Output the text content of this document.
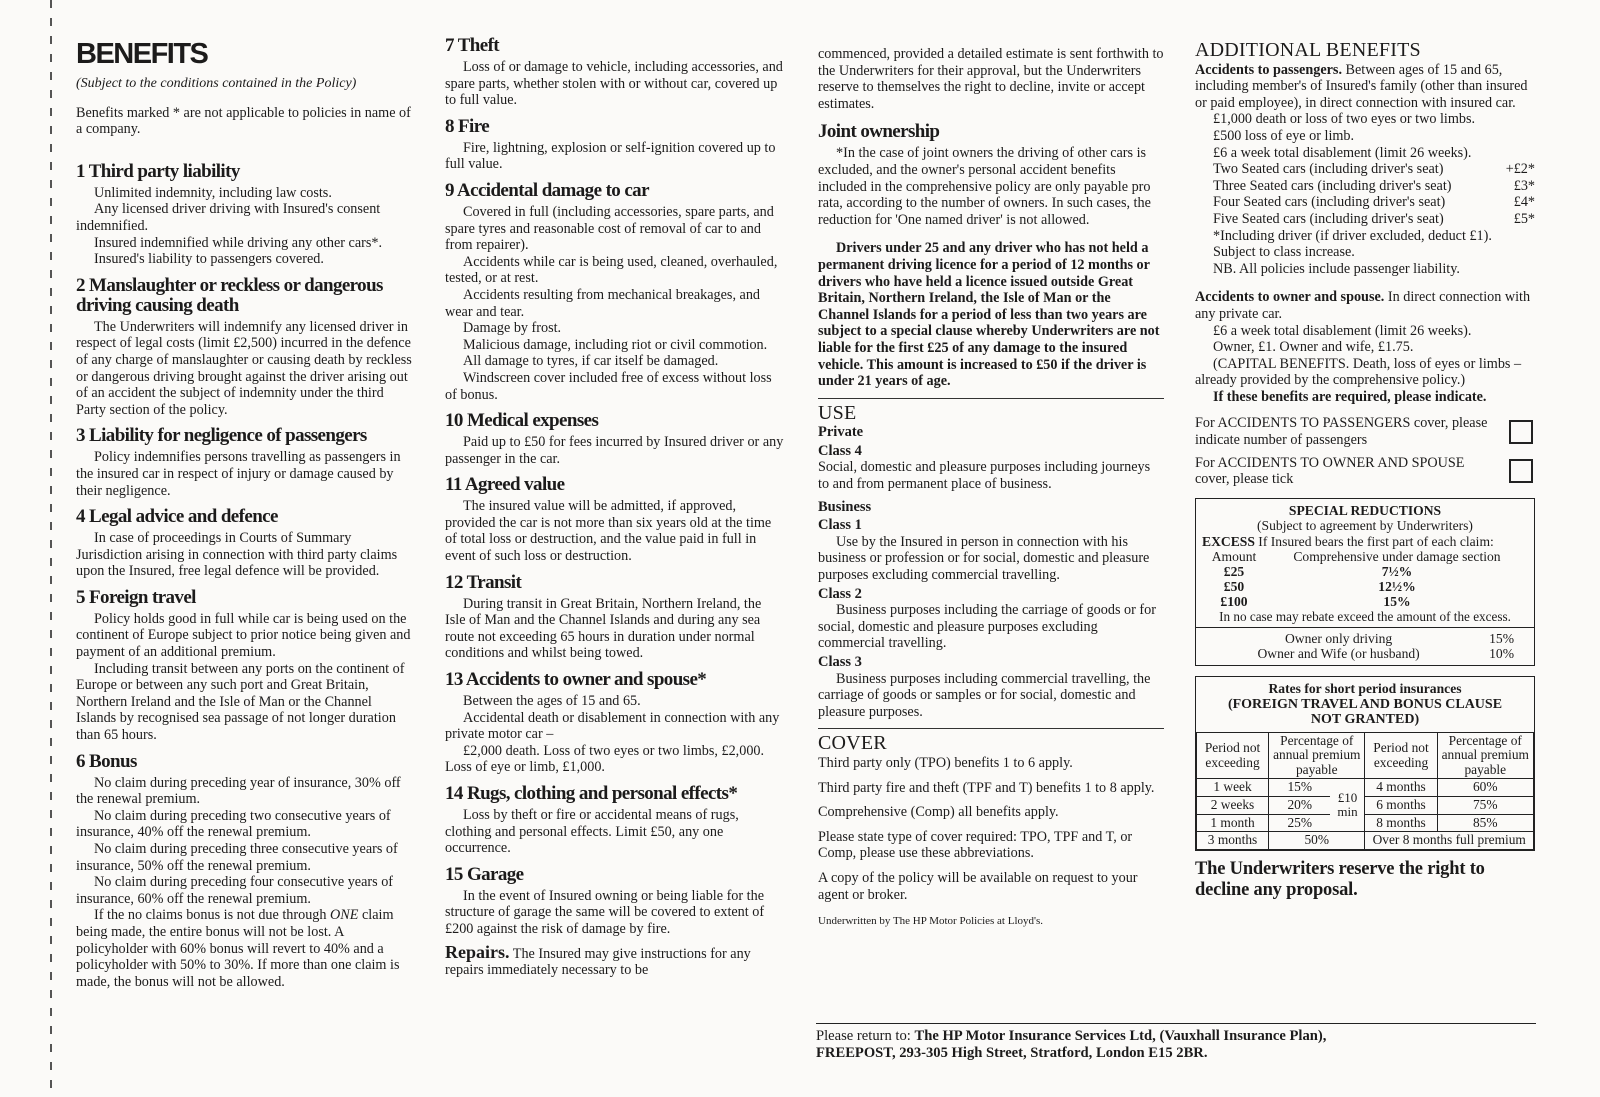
BENEFITS

(Subject to the conditions contained in the Policy)

Benefits marked * are not applicable to policies in name of a company.

1 Third party liability

Unlimited indemnity, including law costs.

Any licensed driver driving with Insured's consent indemnified.

Insured indemnified while driving any other cars*.

Insured's liability to passengers covered.

2 Manslaughter or reckless or dangerous driving causing death

The Underwriters will indemnify any licensed driver in respect of legal costs (limit £2,500) incurred in the defence of any charge of manslaughter or causing death by reckless or dangerous driving brought against the driver arising out of an accident the subject of indemnity under the third Party section of the policy.

3 Liability for negligence of passengers

Policy indemnifies persons travelling as passengers in the insured car in respect of injury or damage caused by their negligence.

4 Legal advice and defence

In case of proceedings in Courts of Summary Jurisdiction arising in connection with third party claims upon the Insured, free legal defence will be provided.

5 Foreign travel

Policy holds good in full while car is being used on the continent of Europe subject to prior notice being given and payment of an additional premium.

Including transit between any ports on the continent of Europe or between any such port and Great Britain, Northern Ireland and the Isle of Man or the Channel Islands by recognised sea passage of not longer duration than 65 hours.

6 Bonus

No claim during preceding year of insurance, 30% off the renewal premium.

No claim during preceding two consecutive years of insurance, 40% off the renewal premium.

No claim during preceding three consecutive years of insurance, 50% off the renewal premium.

No claim during preceding four consecutive years of insurance, 60% off the renewal premium.

If the no claims bonus is not due through ONE claim being made, the entire bonus will not be lost. A policyholder with 60% bonus will revert to 40% and a policyholder with 50% to 30%. If more than one claim is made, the bonus will not be allowed.

7 Theft

Loss of or damage to vehicle, including accessories, and spare parts, whether stolen with or without car, covered up to full value.

8 Fire

Fire, lightning, explosion or self-ignition covered up to full value.

9 Accidental damage to car

Covered in full (including accessories, spare parts, and spare tyres and reasonable cost of removal of car to and from repairer).

Accidents while car is being used, cleaned, overhauled, tested, or at rest.

Accidents resulting from mechanical breakages, and wear and tear.

Damage by frost.

Malicious damage, including riot or civil commotion.

All damage to tyres, if car itself be damaged.

Windscreen cover included free of excess without loss of bonus.

10 Medical expenses

Paid up to £50 for fees incurred by Insured driver or any passenger in the car.

11 Agreed value

The insured value will be admitted, if approved, provided the car is not more than six years old at the time of total loss or destruction, and the value paid in full in event of such loss or destruction.

12 Transit

During transit in Great Britain, Northern Ireland, the Isle of Man and the Channel Islands and during any sea route not exceeding 65 hours in duration under normal conditions and whilst being towed.

13 Accidents to owner and spouse*

Between the ages of 15 and 65.

Accidental death or disablement in connection with any private motor car –

£2,000 death. Loss of two eyes or two limbs, £2,000. Loss of eye or limb, £1,000.

14 Rugs, clothing and personal effects*

Loss by theft or fire or accidental means of rugs, clothing and personal effects. Limit £50, any one occurrence.

15 Garage

In the event of Insured owning or being liable for the structure of garage the same will be covered to extent of £200 against the risk of damage by fire.

Repairs. The Insured may give instructions for any repairs immediately necessary to be

commenced, provided a detailed estimate is sent forthwith to the Underwriters for their approval, but the Underwriters reserve to themselves the right to decline, invite or accept estimates.

Joint ownership

*In the case of joint owners the driving of other cars is excluded, and the owner's personal accident benefits included in the comprehensive policy are only payable pro rata, according to the number of owners. In such cases, the reduction for 'One named driver' is not allowed.

Drivers under 25 and any driver who has not held a permanent driving licence for a period of 12 months or drivers who have held a licence issued outside Great Britain, Northern Ireland, the Isle of Man or the Channel Islands for a period of less than two years are subject to a special clause whereby Underwriters are not liable for the first £25 of any damage to the insured vehicle. This amount is increased to £50 if the driver is under 21 years of age.

USE

Private

Class 4

Social, domestic and pleasure purposes including journeys to and from permanent place of business.

Business

Class 1

Use by the Insured in person in connection with his business or profession or for social, domestic and pleasure purposes excluding commercial travelling.

Class 2

Business purposes including the carriage of goods or for social, domestic and pleasure purposes excluding commercial travelling.

Class 3

Business purposes including commercial travelling, the carriage of goods or samples or for social, domestic and pleasure purposes.

COVER

Third party only (TPO) benefits 1 to 6 apply.

Third party fire and theft (TPF and T) benefits 1 to 8 apply.

Comprehensive (Comp) all benefits apply.

Please state type of cover required: TPO, TPF and T, or Comp, please use these abbreviations.

A copy of the policy will be available on request to your agent or broker.

Underwritten by The HP Motor Policies at Lloyd's.

ADDITIONAL BENEFITS

Accidents to passengers. Between ages of 15 and 65, including member's of Insured's family (other than insured or paid employee), in direct connection with insured car.

£1,000 death or loss of two eyes or two limbs.

£500 loss of eye or limb.

£6 a week total disablement (limit 26 weeks).

Two Seated cars (including driver's seat)	+£2*
Three Seated cars (including driver's seat)	£3*
Four Seated cars (including driver's seat)	£4*
Five Seated cars (including driver's seat)	£5*

*Including driver (if driver excluded, deduct £1).

Subject to class increase.

NB. All policies include passenger liability.

Accidents to owner and spouse. In direct connection with any private car.

£6 a week total disablement (limit 26 weeks).

Owner, £1. Owner and wife, £1.75.

(CAPITAL BENEFITS. Death, loss of eyes or limbs – already provided by the comprehensive policy.)

If these benefits are required, please indicate.

For ACCIDENTS TO PASSENGERS cover, please indicate number of passengers
For ACCIDENTS TO OWNER AND SPOUSE cover, please tick
SPECIAL REDUCTIONS
(Subject to agreement by Underwriters)
EXCESS If Insured bears the first part of each claim:
Amount	Comprehensive under damage section
£25	7½%
£50	12½%
£100	15%
In no case may rebate exceed the amount of the excess.
Owner only driving	15%
Owner and Wife (or husband)	10%
Rates for short period insurances
(FOREIGN TRAVEL AND BONUS CLAUSE NOT GRANTED)
Period not exceeding	Percentage of annual premium payable		Period not exceeding	Percentage of annual premium payable
1 week	15%	£10 min	4 months	60%
2 weeks	20%		6 months	75%
1 month	25%		8 months	85%
3 months	50%		Over 8 months full premium	
The Underwriters reserve the right to decline any proposal.
Please return to: The HP Motor Insurance Services Ltd, (Vauxhall Insurance Plan),
FREEPOST, 293-305 High Street, Stratford, London E15 2BR.
